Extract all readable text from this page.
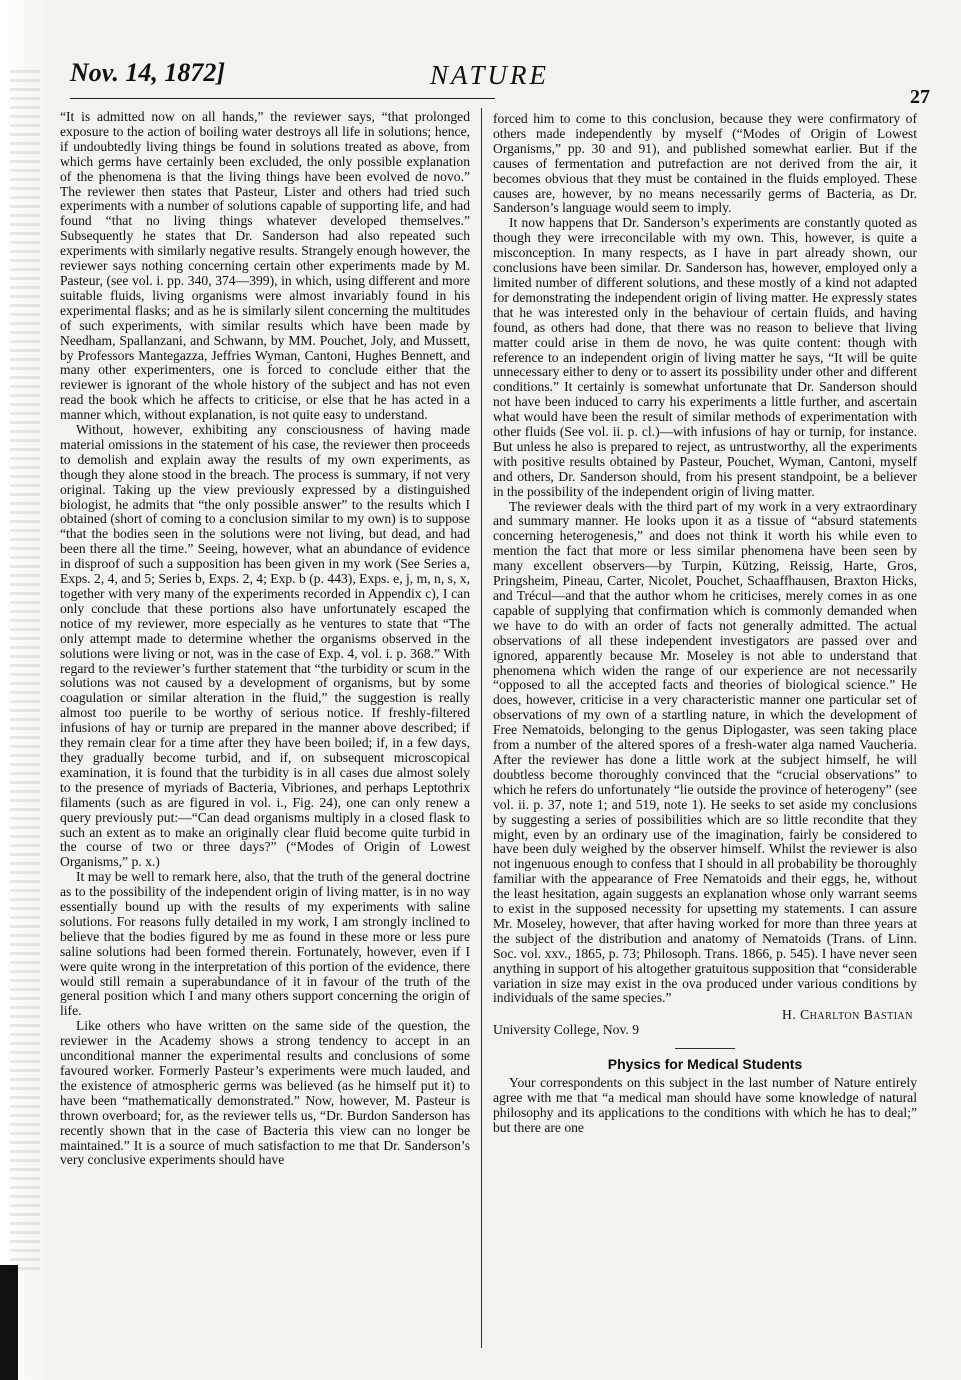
Nov. 14, 1872]	NATURE
27

“It is admitted now on all hands,” the reviewer says, “that prolonged exposure to the action of boiling water destroys all life in solutions; hence, if undoubtedly living things be found in solutions treated as above, from which germs have certainly been excluded, the only possible explanation of the phenomena is that the living things have been evolved de novo.” The reviewer then states that Pasteur, Lister and others had tried such experiments with a number of solutions capable of supporting life, and had found “that no living things whatever developed themselves.” Subsequently he states that Dr. Sanderson had also repeated such experiments with similarly negative results. Strangely enough however, the reviewer says nothing concerning certain other experiments made by M. Pasteur, (see vol. i. pp. 340, 374—399), in which, using different and more suitable fluids, living organisms were almost invariably found in his experimental flasks; and as he is similarly silent concerning the multitudes of such experiments, with similar results which have been made by Needham, Spallanzani, and Schwann, by MM. Pouchet, Joly, and Mussett, by Professors Mantegazza, Jeffries Wyman, Cantoni, Hughes Bennett, and many other experimenters, one is forced to conclude either that the reviewer is ignorant of the whole history of the subject and has not even read the book which he affects to criticise, or else that he has acted in a manner which, without explanation, is not quite easy to understand.

Without, however, exhibiting any consciousness of having made material omissions in the statement of his case, the reviewer then proceeds to demolish and explain away the results of my own experiments, as though they alone stood in the breach. The process is summary, if not very original. Taking up the view previously expressed by a distinguished biologist, he admits that “the only possible answer” to the results which I obtained (short of coming to a conclusion similar to my own) is to suppose “that the bodies seen in the solutions were not living, but dead, and had been there all the time.” Seeing, however, what an abundance of evidence in disproof of such a supposition has been given in my work (See Series a, Exps. 2, 4, and 5; Series b, Exps. 2, 4; Exp. b (p. 443), Exps. e, j, m, n, s, x, together with very many of the experiments recorded in Appendix c), I can only conclude that these portions also have unfortunately escaped the notice of my reviewer, more especially as he ventures to state that “The only attempt made to determine whether the organisms observed in the solutions were living or not, was in the case of Exp. 4, vol. i. p. 368.” With regard to the reviewer’s further statement that “the turbidity or scum in the solutions was not caused by a development of organisms, but by some coagulation or similar alteration in the fluid,” the suggestion is really almost too puerile to be worthy of serious notice. If freshly-filtered infusions of hay or turnip are prepared in the manner above described; if they remain clear for a time after they have been boiled; if, in a few days, they gradually become turbid, and if, on subsequent microscopical examination, it is found that the turbidity is in all cases due almost solely to the presence of myriads of Bacteria, Vibriones, and perhaps Leptothrix filaments (such as are figured in vol. i., Fig. 24), one can only renew a query previously put:—“Can dead organisms multiply in a closed flask to such an extent as to make an originally clear fluid become quite turbid in the course of two or three days?” (“Modes of Origin of Lowest Organisms,” p. x.)

It may be well to remark here, also, that the truth of the general doctrine as to the possibility of the independent origin of living matter, is in no way essentially bound up with the results of my experiments with saline solutions. For reasons fully detailed in my work, I am strongly inclined to believe that the bodies figured by me as found in these more or less pure saline solutions had been formed therein. Fortunately, however, even if I were quite wrong in the interpretation of this portion of the evidence, there would still remain a superabundance of it in favour of the truth of the general position which I and many others support concerning the origin of life.

Like others who have written on the same side of the question, the reviewer in the Academy shows a strong tendency to accept in an unconditional manner the experimental results and conclusions of some favoured worker. Formerly Pasteur’s experiments were much lauded, and the existence of atmospheric germs was believed (as he himself put it) to have been “mathematically demonstrated.” Now, however, M. Pasteur is thrown overboard; for, as the reviewer tells us, “Dr. Burdon Sanderson has recently shown that in the case of Bacteria this view can no longer be maintained.” It is a source of much satisfaction to me that Dr. Sanderson’s very conclusive experiments should have

forced him to come to this conclusion, because they were confirmatory of others made independently by myself (“Modes of Origin of Lowest Organisms,” pp. 30 and 91), and published somewhat earlier. But if the causes of fermentation and putrefaction are not derived from the air, it becomes obvious that they must be contained in the fluids employed. These causes are, however, by no means necessarily germs of Bacteria, as Dr. Sanderson’s language would seem to imply.

It now happens that Dr. Sanderson’s experiments are constantly quoted as though they were irreconcilable with my own. This, however, is quite a misconception. In many respects, as I have in part already shown, our conclusions have been similar. Dr. Sanderson has, however, employed only a limited number of different solutions, and these mostly of a kind not adapted for demonstrating the independent origin of living matter. He expressly states that he was interested only in the behaviour of certain fluids, and having found, as others had done, that there was no reason to believe that living matter could arise in them de novo, he was quite content: though with reference to an independent origin of living matter he says, “It will be quite unnecessary either to deny or to assert its possibility under other and different conditions.” It certainly is somewhat unfortunate that Dr. Sanderson should not have been induced to carry his experiments a little further, and ascertain what would have been the result of similar methods of experimentation with other fluids (See vol. ii. p. cl.)—with infusions of hay or turnip, for instance. But unless he also is prepared to reject, as untrustworthy, all the experiments with positive results obtained by Pasteur, Pouchet, Wyman, Cantoni, myself and others, Dr. Sanderson should, from his present standpoint, be a believer in the possibility of the independent origin of living matter.

The reviewer deals with the third part of my work in a very extraordinary and summary manner. He looks upon it as a tissue of “absurd statements concerning heterogenesis,” and does not think it worth his while even to mention the fact that more or less similar phenomena have been seen by many excellent observers—by Turpin, Kützing, Reissig, Harte, Gros, Pringsheim, Pineau, Carter, Nicolet, Pouchet, Schaaffhausen, Braxton Hicks, and Trécul—and that the author whom he criticises, merely comes in as one capable of supplying that confirmation which is commonly demanded when we have to do with an order of facts not generally admitted. The actual observations of all these independent investigators are passed over and ignored, apparently because Mr. Moseley is not able to understand that phenomena which widen the range of our experience are not necessarily “opposed to all the accepted facts and theories of biological science.” He does, however, criticise in a very characteristic manner one particular set of observations of my own of a startling nature, in which the development of Free Nematoids, belonging to the genus Diplogaster, was seen taking place from a number of the altered spores of a fresh-water alga named Vaucheria. After the reviewer has done a little work at the subject himself, he will doubtless become thoroughly convinced that the “crucial observations” to which he refers do unfortunately “lie outside the province of heterogeny” (see vol. ii. p. 37, note 1; and 519, note 1). He seeks to set aside my conclusions by suggesting a series of possibilities which are so little recondite that they might, even by an ordinary use of the imagination, fairly be considered to have been duly weighed by the observer himself. Whilst the reviewer is also not ingenuous enough to confess that I should in all probability be thoroughly familiar with the appearance of Free Nematoids and their eggs, he, without the least hesitation, again suggests an explanation whose only warrant seems to exist in the supposed necessity for upsetting my statements. I can assure Mr. Moseley, however, that after having worked for more than three years at the subject of the distribution and anatomy of Nematoids (Trans. of Linn. Soc. vol. xxv., 1865, p. 73; Philosoph. Trans. 1866, p. 545). I have never seen anything in support of his altogether gratuitous supposition that “considerable variation in size may exist in the ova produced under various conditions by individuals of the same species.”

H. Charlton Bastian

University College, Nov. 9

Physics for Medical Students

Your correspondents on this subject in the last number of Nature entirely agree with me that “a medical man should have some knowledge of natural philosophy and its applications to the conditions with which he has to deal;” but there are one
